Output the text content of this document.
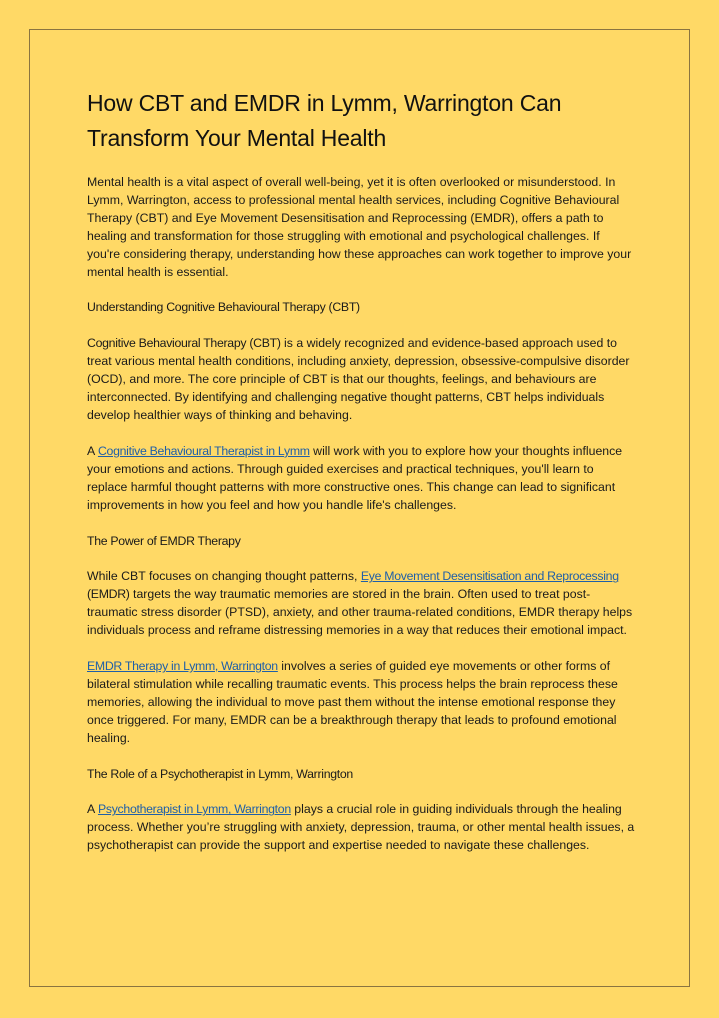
How CBT and EMDR in Lymm, Warrington Can
Transform Your Mental Health

Mental health is a vital aspect of overall well-being, yet it is often overlooked or misunderstood. In Lymm, Warrington, access to professional mental health services, including Cognitive Behavioural Therapy (CBT) and Eye Movement Desensitisation and Reprocessing (EMDR), offers a path to healing and transformation for those struggling with emotional and psychological challenges. If you're considering therapy, understanding how these approaches can work together to improve your mental health is essential.

Understanding Cognitive Behavioural Therapy (CBT)

Cognitive Behavioural Therapy (CBT) is a widely recognized and evidence-based approach used to treat various mental health conditions, including anxiety, depression, obsessive-compulsive disorder (OCD), and more. The core principle of CBT is that our thoughts, feelings, and behaviours are interconnected. By identifying and challenging negative thought patterns, CBT helps individuals develop healthier ways of thinking and behaving.

A Cognitive Behavioural Therapist in Lymm will work with you to explore how your thoughts influence your emotions and actions. Through guided exercises and practical techniques, you'll learn to replace harmful thought patterns with more constructive ones. This change can lead to significant improvements in how you feel and how you handle life's challenges.

The Power of EMDR Therapy

While CBT focuses on changing thought patterns, Eye Movement Desensitisation and Reprocessing (EMDR) targets the way traumatic memories are stored in the brain. Often used to treat post-traumatic stress disorder (PTSD), anxiety, and other trauma-related conditions, EMDR therapy helps individuals process and reframe distressing memories in a way that reduces their emotional impact.

EMDR Therapy in Lymm, Warrington involves a series of guided eye movements or other forms of bilateral stimulation while recalling traumatic events. This process helps the brain reprocess these memories, allowing the individual to move past them without the intense emotional response they once triggered. For many, EMDR can be a breakthrough therapy that leads to profound emotional healing.

The Role of a Psychotherapist in Lymm, Warrington

A Psychotherapist in Lymm, Warrington plays a crucial role in guiding individuals through the healing process. Whether you’re struggling with anxiety, depression, trauma, or other mental health issues, a psychotherapist can provide the support and expertise needed to navigate these challenges.
